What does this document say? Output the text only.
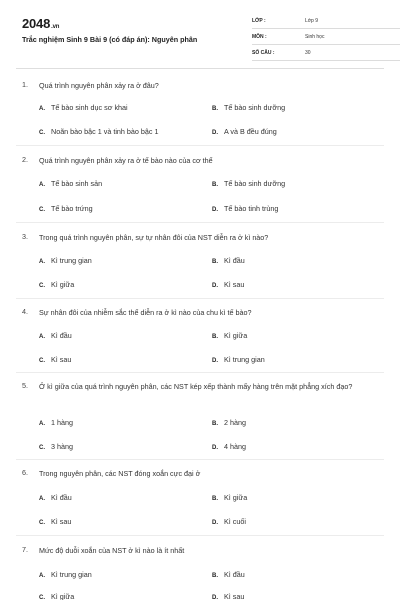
2048.vn
Trắc nghiệm Sinh 9 Bài 9 (có đáp án): Nguyên phân
LỚP :	Lớp 9
MÔN :	Sinh học
SỐ CÂU :	30
1. Quá trình nguyên phân xảy ra ở đâu?
A. Tế bào sinh dục sơ khai	B. Tế bào sinh dưỡng
C. Noãn bào bậc 1 và tinh bào bậc 1	D. A và B đều đúng
2. Quá trình nguyên phân xảy ra ở tế bào nào của cơ thể
A. Tế bào sinh sản	B. Tế bào sinh dưỡng
C. Tế bào trứng	D. Tế bào tinh trùng
3. Trong quá trình nguyên phân, sự tự nhân đôi của NST diễn ra ở kì nào?
A. Kì trung gian	B. Kì đầu
C. Kì giữa	D. Kì sau
4. Sự nhân đôi của nhiễm sắc thể diễn ra ở kì nào của chu kì tế bào?
A. Kì đầu	B. Kì giữa
C. Kì sau	D. Kì trung gian
5. Ở kì giữa của quá trình nguyên phân, các NST kép xếp thành mấy hàng trên mặt phẳng xích đạo?
A. 1 hàng	B. 2 hàng
C. 3 hàng	D. 4 hàng
6. Trong nguyên phân, các NST đóng xoắn cực đại ở
A. Kì đầu	B. Kì giữa
C. Kì sau	D. Kì cuối
7. Mức độ duỗi xoắn của NST ở kì nào là ít nhất
A. Kì trung gian	B. Kì đầu
C. Kì giữa	D. Kì sau
